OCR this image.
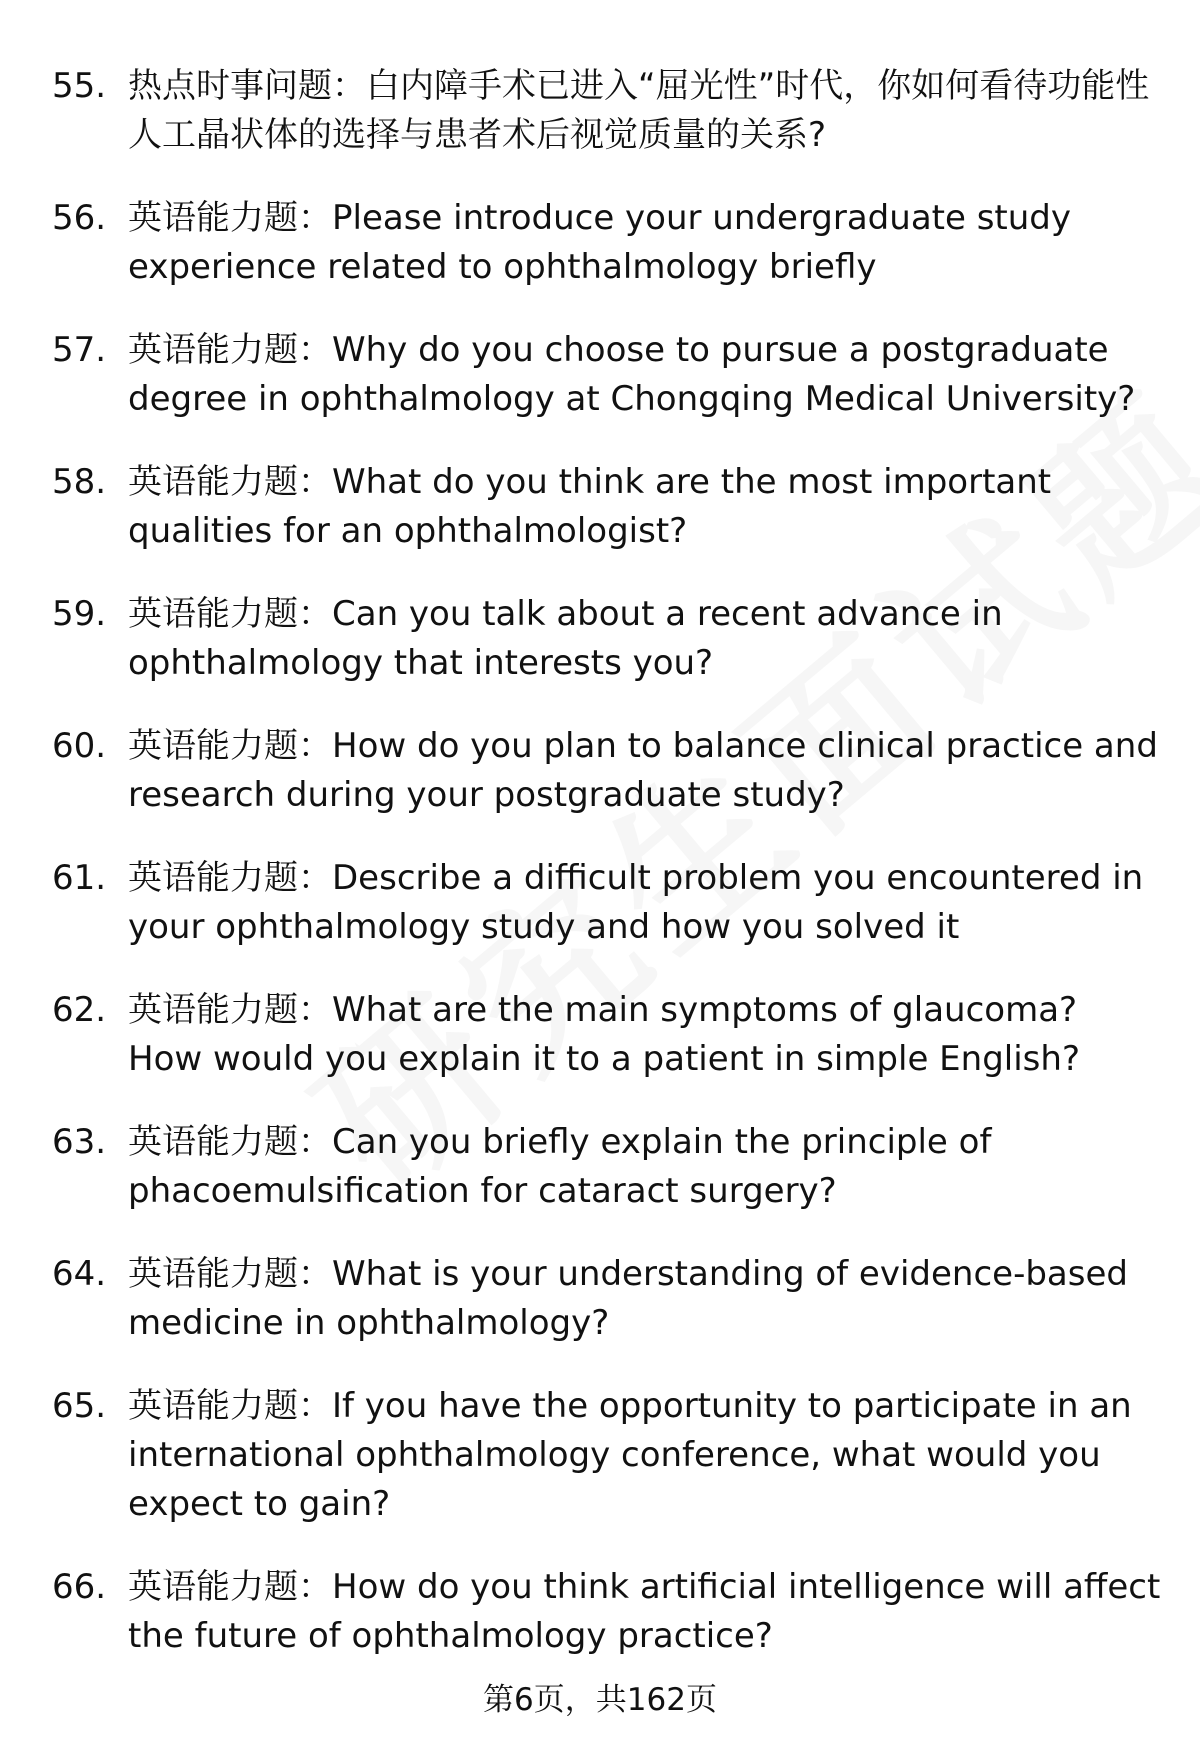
55. 热点时事问题：白内障手术已进入“屈光性”时代，你如何看待功能性人工晶状体的选择与患者术后视觉质量的关系?
56. 英语能力题：Please introduce your undergraduate study experience related to ophthalmology briefly
57. 英语能力题：Why do you choose to pursue a postgraduate degree in ophthalmology at Chongqing Medical University?
58. 英语能力题：What do you think are the most important qualities for an ophthalmologist?
59. 英语能力题：Can you talk about a recent advance in ophthalmology that interests you?
60. 英语能力题：How do you plan to balance clinical practice and research during your postgraduate study?
61. 英语能力题：Describe a difficult problem you encountered in your ophthalmology study and how you solved it
62. 英语能力题：What are the main symptoms of glaucoma? How would you explain it to a patient in simple English?
63. 英语能力题：Can you briefly explain the principle of phacoemulsification for cataract surgery?
64. 英语能力题：What is your understanding of evidence-based medicine in ophthalmology?
65. 英语能力题：If you have the opportunity to participate in an international ophthalmology conference, what would you expect to gain?
66. 英语能力题：How do you think artificial intelligence will affect the future of ophthalmology practice?
第6页，共162页
